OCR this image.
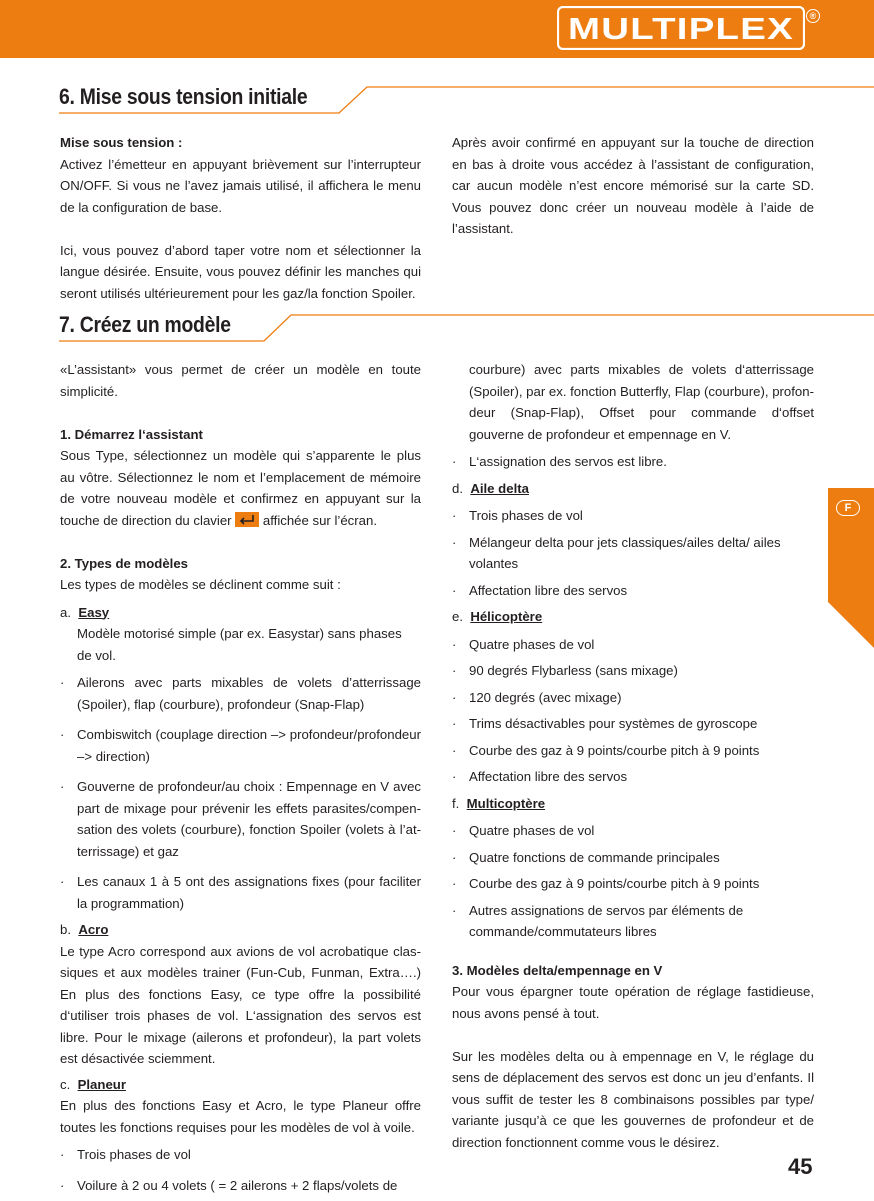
MULTIPLEX	®
F
6. Mise sous tension initiale

Mise sous tension :

Activez l’émetteur en appuyant brièvement sur l’interrupteur ON/OFF. Si vous ne l’avez jamais utilisé, il affichera le menu de la configuration de base.

Ici, vous pouvez d’abord taper votre nom et sélectionner la langue désirée. Ensuite, vous pouvez définir les manches qui seront utilisés ultérieurement pour les gaz/la fonction Spoiler.

Après avoir confirmé en appuyant sur la touche de direction en bas à droite vous accédez à l’assistant de configuration, car aucun modèle n’est encore mémorisé sur la carte SD. Vous pouvez donc créer un nouveau modèle à l’aide de l’assistant.

7. Créez un modèle

«L’assistant» vous permet de créer un modèle en toute simplicité.

1. Démarrez l‘assistant

Sous Type, sélectionnez un modèle qui s’apparente le plus au vôtre. Sélectionnez le nom et l’emplacement de mémoire de votre nouveau modèle et confirmez en appuyant sur la touche de direction du clavier affichée sur l’écran.

2. Types de modèles

Les types de modèles se déclinent comme suit :

a. Easy
Modèle motorisé simple (par ex. Easystar) sans phases
de vol.
· Ailerons avec parts mixables de volets d’atterrissage (Spoiler), flap (courbure), profondeur (Snap-Flap)
· Combiswitch (couplage direction –> profondeur/profondeur –> direction)
· Gouverne de profondeur/au choix : Empennage en V avec part de mixage pour prévenir les effets parasites/compen- sation des volets (courbure), fonction Spoiler (volets à l’at- terrissage) et gaz
· Les canaux 1 à 5 ont des assignations fixes (pour faciliter la programmation)
b. Acro

Le type Acro correspond aux avions de vol acrobatique clas- siques et aux modèles trainer (Fun-Cub, Funman, Extra….) En plus des fonctions Easy, ce type offre la possibilité d‘utiliser trois phases de vol. L‘assignation des servos est libre. Pour le mixage (ailerons et profondeur), la part volets est désactivée sciemment.

c. Planeur

En plus des fonctions Easy et Acro, le type Planeur offre toutes les fonctions requises pour les modèles de vol à voile.

· Trois phases de vol
· Voilure à 2 ou 4 volets ( = 2 ailerons + 2 flaps/volets de

courbure) avec parts mixables de volets d‘atterrissage (Spoiler), par ex. fonction Butterfly, Flap (courbure), profon- deur (Snap-Flap), Offset pour commande d‘offset gouverne de profondeur et empennage en V.

· L‘assignation des servos est libre.
d. Aile delta
· Trois phases de vol
· Mélangeur delta pour jets classiques/ailes delta/ ailes volantes
· Affectation libre des servos
e. Hélicoptère
· Quatre phases de vol
· 90 degrés Flybarless (sans mixage)
· 120 degrés (avec mixage)
· Trims désactivables pour systèmes de gyroscope
· Courbe des gaz à 9 points/courbe pitch à 9 points
· Affectation libre des servos
f. Multicoptère
· Quatre phases de vol
· Quatre fonctions de commande principales
· Courbe des gaz à 9 points/courbe pitch à 9 points
· Autres assignations de servos par éléments de commande/commutateurs libres

3. Modèles delta/empennage en V

Pour vous épargner toute opération de réglage fastidieuse, nous avons pensé à tout.

Sur les modèles delta ou à empennage en V, le réglage du sens de déplacement des servos est donc un jeu d’enfants. Il vous suffit de tester les 8 combinaisons possibles par type/ variante jusqu’à ce que les gouvernes de profondeur et de direction fonctionnent comme vous le désirez.

45
